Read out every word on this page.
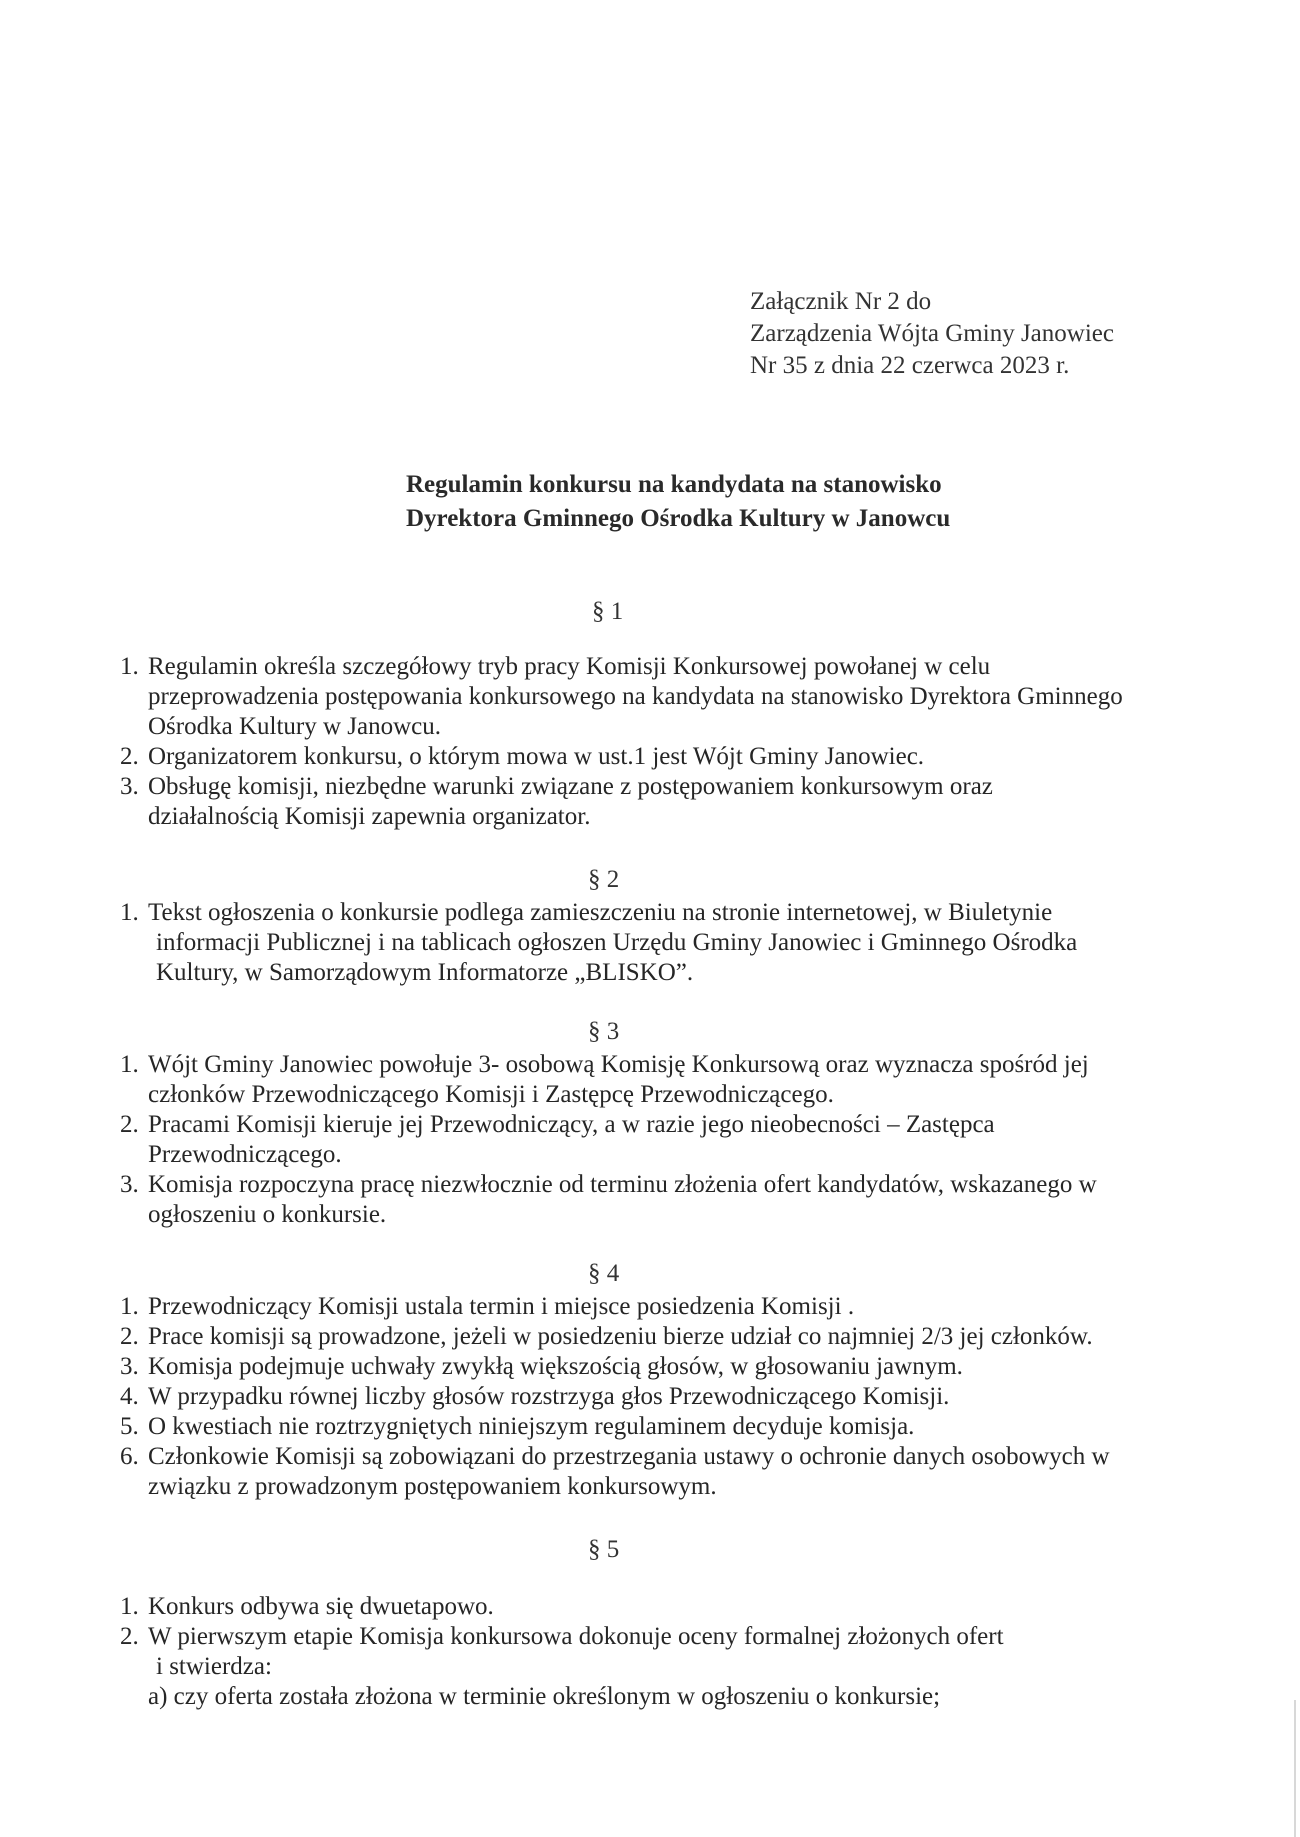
Załącznik Nr 2 do
Zarządzenia Wójta Gminy Janowiec
Nr 35 z dnia 22 czerwca 2023 r.
Regulamin konkursu na kandydata na stanowisko
Dyrektora Gminnego Ośrodka Kultury w Janowcu
§ 1
1. Regulamin określa szczegółowy tryb pracy Komisji Konkursowej powołanej w celu
przeprowadzenia postępowania konkursowego na kandydata na stanowisko Dyrektora Gminnego
Ośrodka Kultury w Janowcu.
2. Organizatorem konkursu, o którym mowa w ust.1 jest Wójt Gminy Janowiec.
3. Obsługę komisji, niezbędne warunki związane z postępowaniem konkursowym oraz
działalnością Komisji zapewnia organizator.
§ 2
1. Tekst ogłoszenia o konkursie podlega zamieszczeniu na stronie internetowej, w Biuletynie
informacji Publicznej i na tablicach ogłoszen Urzędu Gminy Janowiec i Gminnego Ośrodka
Kultury, w Samorządowym Informatorze „BLISKO”.
§ 3
1. Wójt Gminy Janowiec powołuje 3- osobową Komisję Konkursową oraz wyznacza spośród jej
członków Przewodniczącego Komisji i Zastępcę Przewodniczącego.
2. Pracami Komisji kieruje jej Przewodniczący, a w razie jego nieobecności – Zastępca
Przewodniczącego.
3. Komisja rozpoczyna pracę niezwłocznie od terminu złożenia ofert kandydatów, wskazanego w
ogłoszeniu o konkursie.
§ 4
1. Przewodniczący Komisji ustala termin i miejsce posiedzenia Komisji .
2. Prace komisji są prowadzone, jeżeli w posiedzeniu bierze udział co najmniej 2/3 jej członków.
3. Komisja podejmuje uchwały zwykłą większością głosów, w głosowaniu jawnym.
4. W przypadku równej liczby głosów rozstrzyga głos Przewodniczącego Komisji.
5. O kwestiach nie roztrzygniętych niniejszym regulaminem decyduje komisja.
6. Członkowie Komisji są zobowiązani do przestrzegania ustawy o ochronie danych osobowych w
związku z prowadzonym postępowaniem konkursowym.
§ 5
1. Konkurs odbywa się dwuetapowo.
2. W pierwszym etapie Komisja konkursowa dokonuje oceny formalnej złożonych ofert
i stwierdza:
a) czy oferta została złożona w terminie określonym w ogłoszeniu o konkursie;
